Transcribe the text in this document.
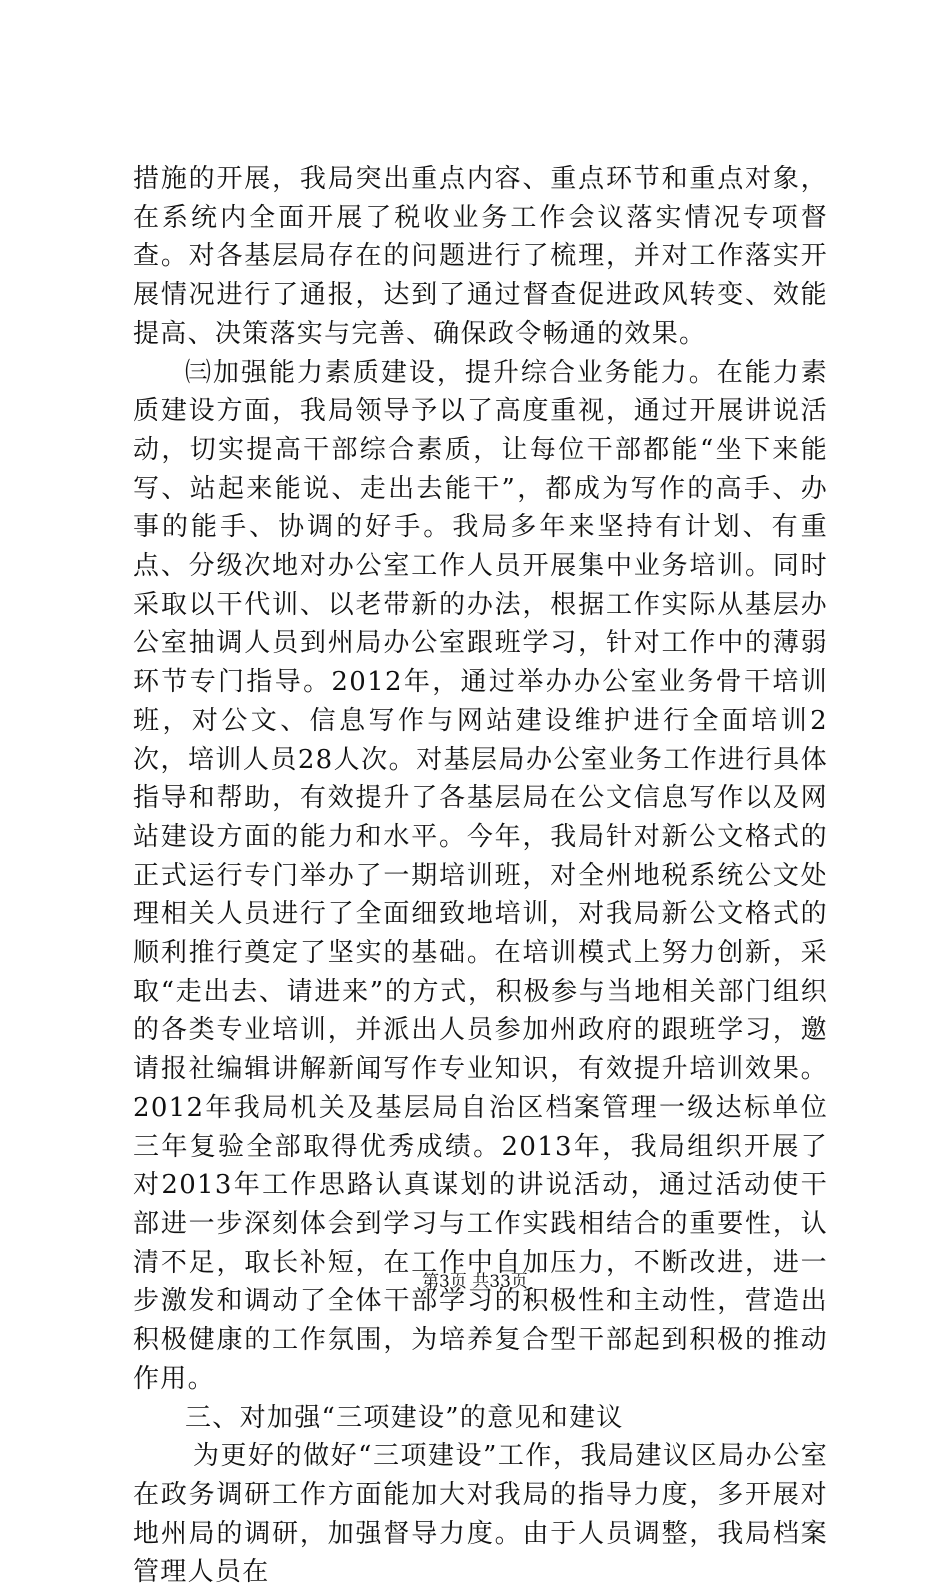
措施的开展，我局突出重点内容、重点环节和重点对象，在系统内全面开展了税收业务工作会议落实情况专项督查。对各基层局存在的问题进行了梳理，并对工作落实开展情况进行了通报，达到了通过督查促进政风转变、效能提高、决策落实与完善、确保政令畅通的效果。

㈢加强能力素质建设，提升综合业务能力。在能力素质建设方面，我局领导予以了高度重视，通过开展讲说活动，切实提高干部综合素质，让每位干部都能“坐下来能写、站起来能说、走出去能干”，都成为写作的高手、办事的能手、协调的好手。我局多年来坚持有计划、有重点、分级次地对办公室工作人员开展集中业务培训。同时采取以干代训、以老带新的办法，根据工作实际从基层办公室抽调人员到州局办公室跟班学习，针对工作中的薄弱环节专门指导。2012年，通过举办办公室业务骨干培训班，对公文、信息写作与网站建设维护进行全面培训2次，培训人员28人次。对基层局办公室业务工作进行具体指导和帮助，有效提升了各基层局在公文信息写作以及网站建设方面的能力和水平。今年，我局针对新公文格式的正式运行专门举办了一期培训班，对全州地税系统公文处理相关人员进行了全面细致地培训，对我局新公文格式的顺利推行奠定了坚实的基础。在培训模式上努力创新，采取“走出去、请进来”的方式，积极参与当地相关部门组织的各类专业培训，并派出人员参加州政府的跟班学习，邀请报社编辑讲解新闻写作专业知识，有效提升培训效果。2012年我局机关及基层局自治区档案管理一级达标单位三年复验全部取得优秀成绩。2013年，我局组织开展了对2013年工作思路认真谋划的讲说活动，通过活动使干部进一步深刻体会到学习与工作实践相结合的重要性，认清不足，取长补短，在工作中自加压力，不断改进，进一步激发和调动了全体干部学习的积极性和主动性，营造出积极健康的工作氛围，为培养复合型干部起到积极的推动作用。

三、对加强“三项建设”的意见和建议

为更好的做好“三项建设”工作，我局建议区局办公室在政务调研工作方面能加大对我局的指导力度，多开展对地州局的调研，加强督导力度。由于人员调整，我局档案管理人员在

第3页 共33页
